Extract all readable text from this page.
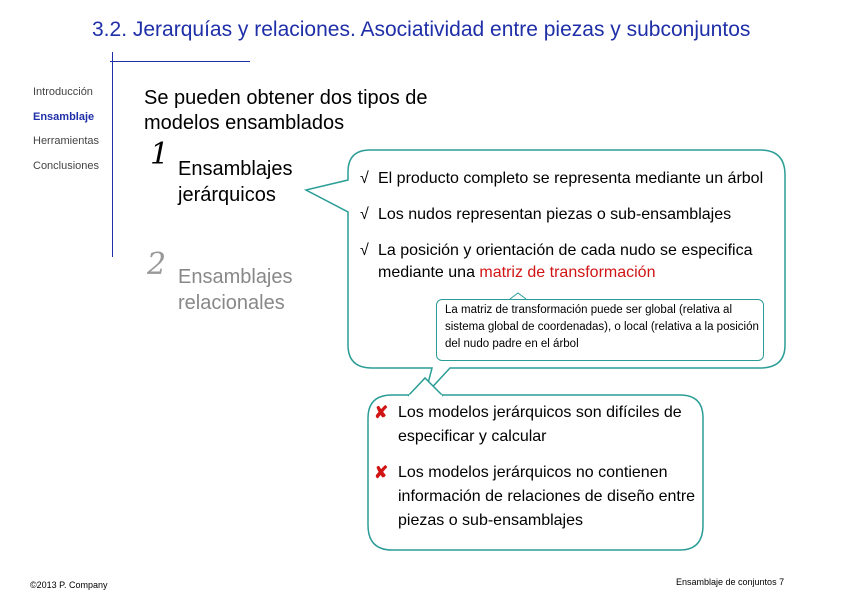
3.2. Jerarquías y relaciones. Asociatividad entre piezas y subconjuntos
Introducción
Ensamblaje
Herramientas
Conclusiones
Se pueden obtener dos tipos de
modelos ensamblados
1 Ensamblajes
jerárquicos
2 Ensamblajes
relacionales
√ El producto completo se representa mediante un árbol
√ Los nudos representan piezas o sub-ensamblajes
√ La posición y orientación de cada nudo se especifica mediante una matriz de transformación
La matriz de transformación puede ser global (relativa al sistema global de coordenadas), o local (relativa a la posición del nudo padre en el árbol
✘ Los modelos jerárquicos son difíciles de especificar y calcular
✘ Los modelos jerárquicos no contienen información de relaciones de diseño entre piezas o sub-ensamblajes
©2013 P. Company	Ensamblaje de conjuntos 7
